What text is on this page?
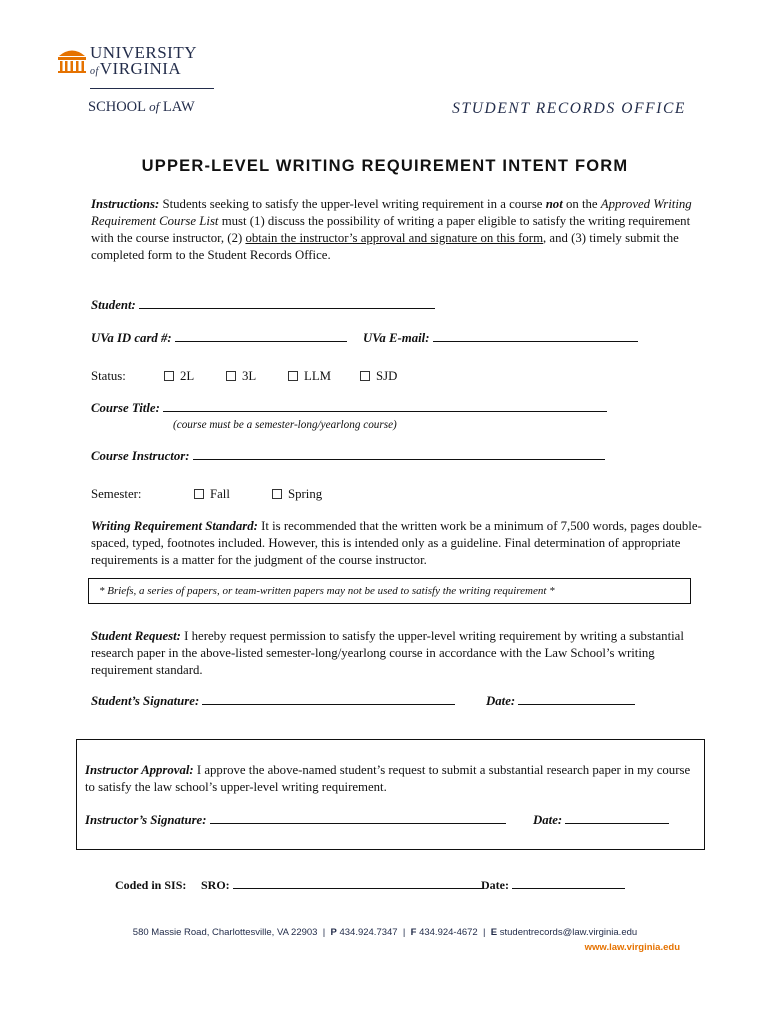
UNIVERSITY
ofVIRGINIA
SCHOOL of LAW	STUDENT RECORDS OFFICE
UPPER-LEVEL WRITING REQUIREMENT INTENT FORM
Instructions: Students seeking to satisfy the upper-level writing requirement in a course not on the Approved Writing Requirement Course List must (1) discuss the possibility of writing a paper eligible to satisfy the writing requirement with the course instructor, (2) obtain the instructor’s approval and signature on this form, and (3) timely submit the completed form to the Student Records Office.
Student:
UVa ID card #:	UVa E-mail:
Status:	2L	3L	LLM	SJD
Course Title:
(course must be a semester-long/yearlong course)
Course Instructor:
Semester:	Fall	Spring
Writing Requirement Standard: It is recommended that the written work be a minimum of 7,500 words, pages double-spaced, typed, footnotes included. However, this is intended only as a guideline. Final determination of appropriate requirements is a matter for the judgment of the course instructor.
* Briefs, a series of papers, or team-written papers may not be used to satisfy the writing requirement *
Student Request: I hereby request permission to satisfy the upper-level writing requirement by writing a substantial research paper in the above-listed semester-long/yearlong course in accordance with the Law School’s writing requirement standard.
Student’s Signature:	Date:
Instructor Approval: I approve the above-named student’s request to submit a substantial research paper in my course to satisfy the law school’s upper-level writing requirement.
Instructor’s Signature:	Date:
Coded in SIS: SRO:	Date:
580 Massie Road, Charlottesville, VA 22903 | P 434.924.7347 | F 434.924-4672 | E studentrecords@law.virginia.edu
www.law.virginia.edu
